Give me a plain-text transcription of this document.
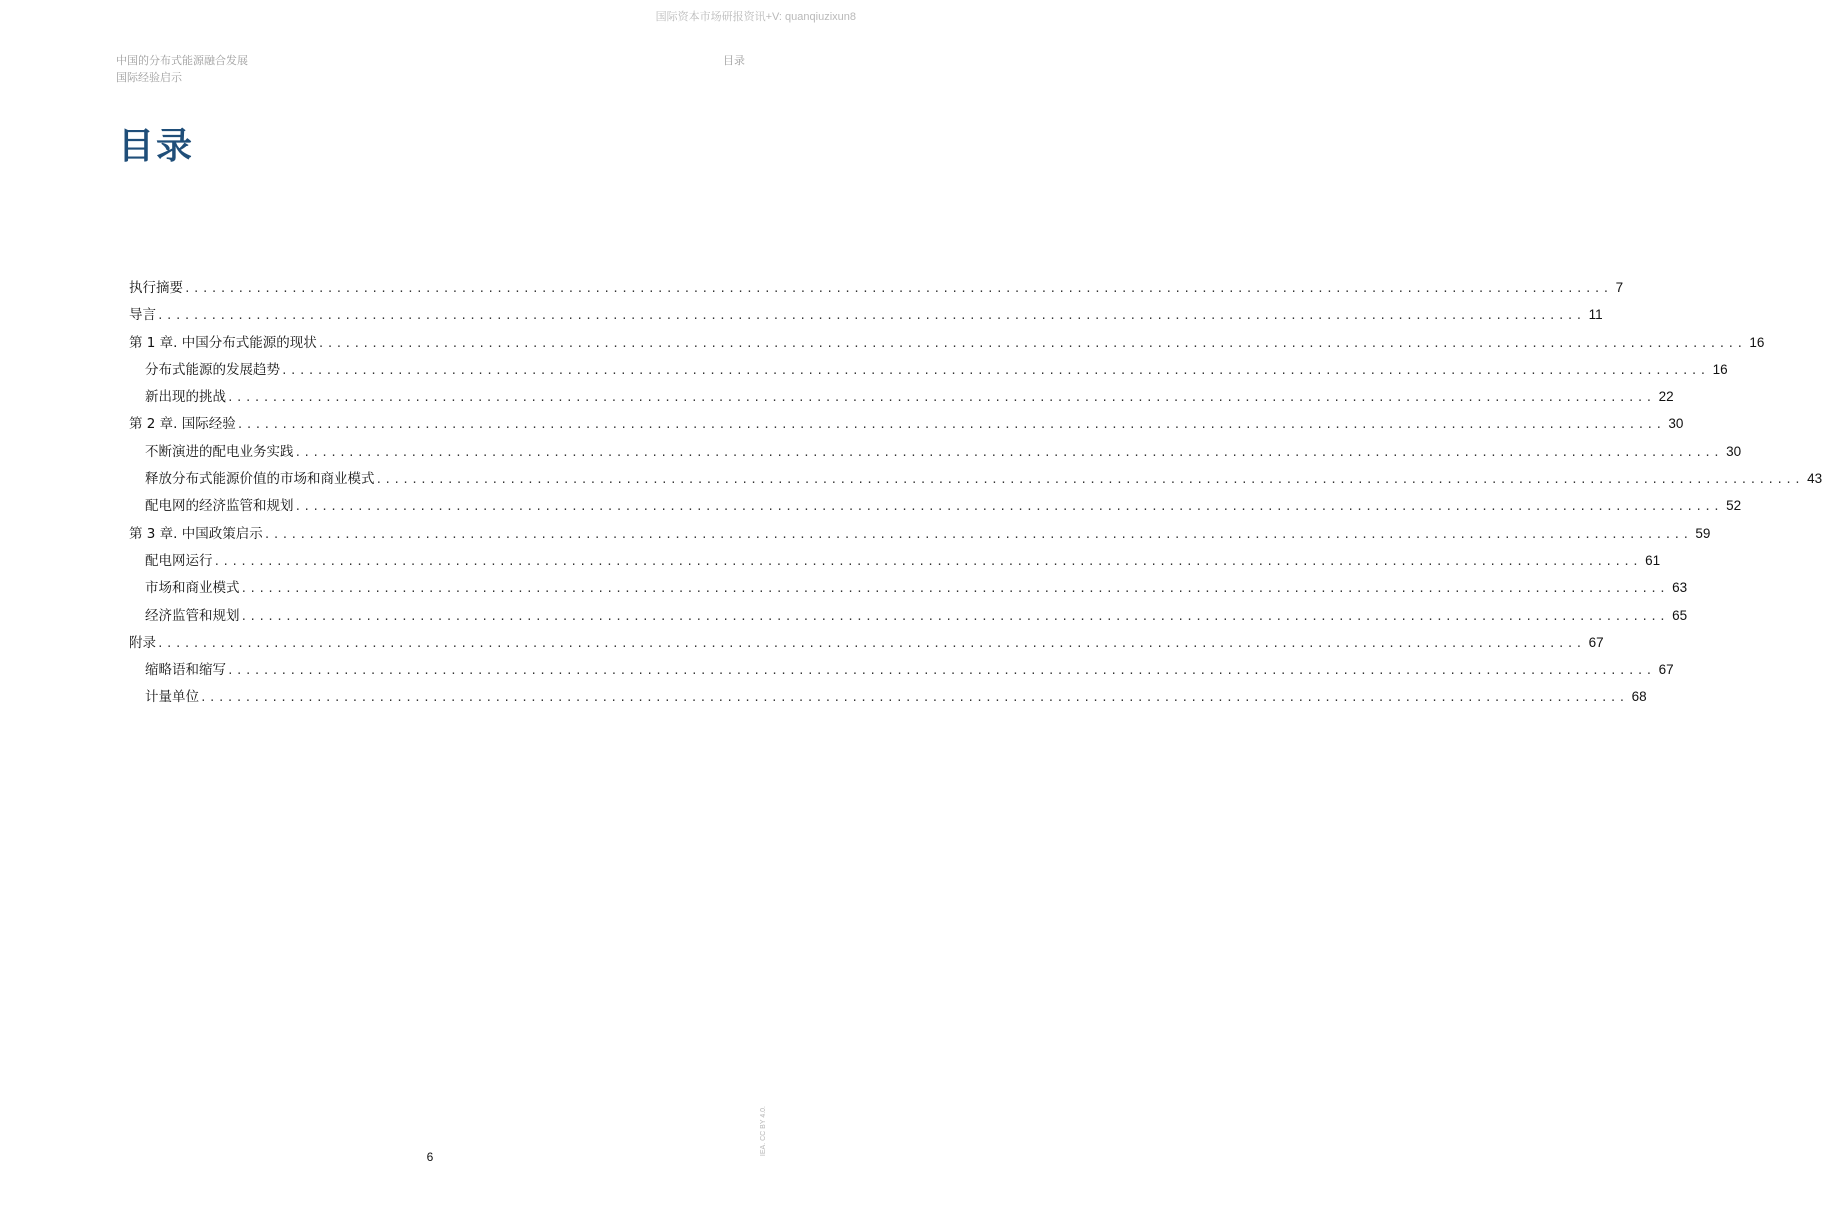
国际资本市场研报资讯+V: quanqiuzixun8
中国的分布式能源融合发展
国际经验启示
目录
目录
执行摘要 ................................................................................................................................................................ 7
导言 ................................................................................................................................................................ 11
第 1 章. 中国分布式能源的现状 ................................................................................................................................................................ 16
分布式能源的发展趋势 ................................................................................................................................................................ 16
新出现的挑战 ................................................................................................................................................................ 22
第 2 章. 国际经验 ................................................................................................................................................................ 30
不断演进的配电业务实践 ................................................................................................................................................................ 30
释放分布式能源价值的市场和商业模式 ................................................................................................................................................................ 43
配电网的经济监管和规划 ................................................................................................................................................................ 52
第 3 章. 中国政策启示 ................................................................................................................................................................ 59
配电网运行 ................................................................................................................................................................ 61
市场和商业模式 ................................................................................................................................................................ 63
经济监管和规划 ................................................................................................................................................................ 65
附录 ................................................................................................................................................................ 67
缩略语和缩写 ................................................................................................................................................................ 67
计量单位 ................................................................................................................................................................ 68
6
IEA. CC BY 4.0.
